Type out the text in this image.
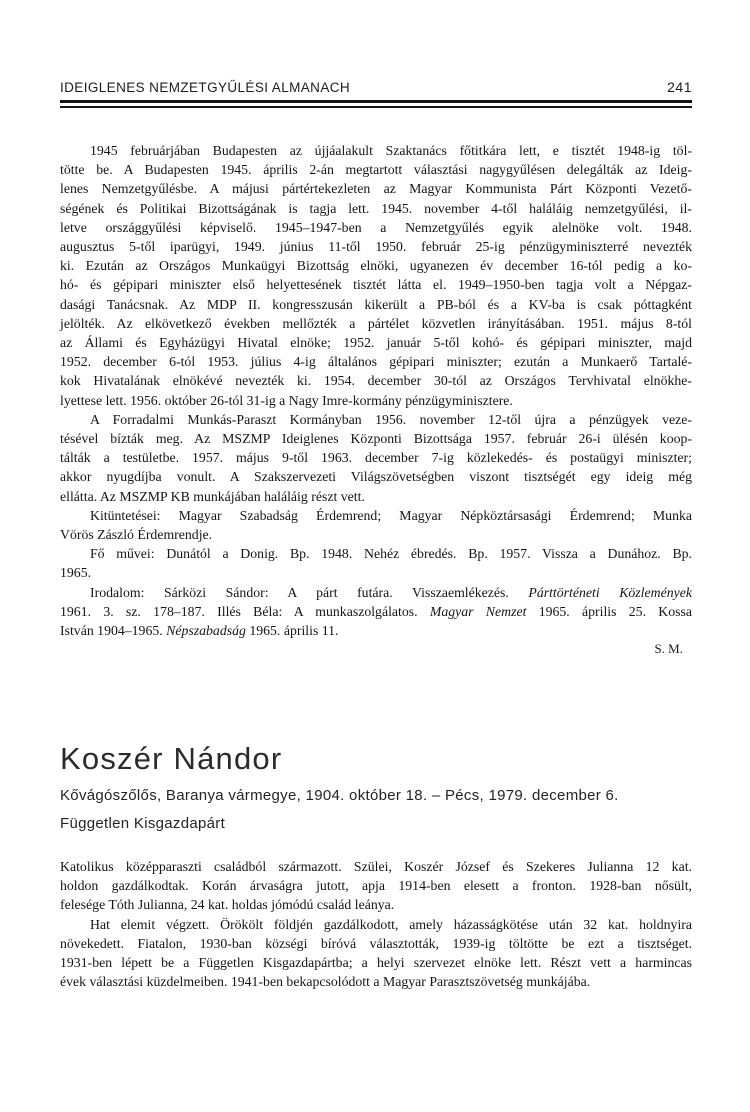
IDEIGLENES NEMZETGYŰLÉSI ALMANACH	241
1945 februárjában Budapesten az újjáalakult Szaktanács főtitkára lett, e tisztét 1948-ig töl-
tötte be. A Budapesten 1945. április 2-án megtartott választási nagygyűlésen delegálták az Ideig-
lenes Nemzetgyűlésbe. A májusi pártértekezleten az Magyar Kommunista Párt Központi Vezető-
ségének és Politikai Bizottságának is tagja lett. 1945. november 4-től haláláig nemzetgyűlési, il-
letve országgyűlési képviselő. 1945–1947-ben a Nemzetgyűlés egyik alelnöke volt. 1948.
augusztus 5-től iparügyi, 1949. június 11-től 1950. február 25-ig pénzügyminiszterré nevezték
ki. Ezután az Országos Munkaügyi Bizottság elnöki, ugyanezen év december 16-tól pedig a ko-
hó- és gépipari miniszter első helyettesének tisztét látta el. 1949–1950-ben tagja volt a Népgaz-
dasági Tanácsnak. Az MDP II. kongresszusán kikerült a PB-ból és a KV-ba is csak póttagként
jelölték. Az elkövetkező években mellőzték a pártélet közvetlen irányításában. 1951. május 8-tól
az Állami és Egyházügyi Hivatal elnöke; 1952. január 5-től kohó- és gépipari miniszter, majd
1952. december 6-tól 1953. július 4-ig általános gépipari miniszter; ezután a Munkaerő Tartalé-
kok Hivatalának elnökévé nevezték ki. 1954. december 30-tól az Országos Tervhivatal elnökhe-
lyettese lett. 1956. október 26-tól 31-ig a Nagy Imre-kormány pénzügyminisztere.
A Forradalmi Munkás-Paraszt Kormányban 1956. november 12-től újra a pénzügyek veze-
tésével bízták meg. Az MSZMP Ideiglenes Központi Bizottsága 1957. február 26-i ülésén koop-
tálták a testületbe. 1957. május 9-től 1963. december 7-ig közlekedés- és postaügyi miniszter;
akkor nyugdíjba vonult. A Szakszervezeti Világszövetségben viszont tisztségét egy ideig még
ellátta. Az MSZMP KB munkájában haláláig részt vett.
Kitüntetései: Magyar Szabadság Érdemrend; Magyar Népköztársasági Érdemrend; Munka
Vörös Zászló Érdemrendje.
Fő művei: Dunától a Donig. Bp. 1948. Nehéz ébredés. Bp. 1957. Vissza a Dunához. Bp.
1965.
Irodalom: Sárközi Sándor: A párt futára. Visszaemlékezés. Párttörténeti Közlemények
1961. 3. sz. 178–187. Illés Béla: A munkaszolgálatos. Magyar Nemzet 1965. április 25. Kossa
István 1904–1965. Népszabadság 1965. április 11.
S. M.
Koszér Nándor

Kővágószőlős, Baranya vármegye, 1904. október 18. – Pécs, 1979. december 6.

Független Kisgazdapárt

Katolikus középparaszti családból származott. Szülei, Koszér József és Szekeres Julianna 12 kat.
holdon gazdálkodtak. Korán árvaságra jutott, apja 1914-ben elesett a fronton. 1928-ban nősült,
felesége Tóth Julianna, 24 kat. holdas jómódú család leánya.
Hat elemit végzett. Örökölt földjén gazdálkodott, amely házasságkötése után 32 kat. holdnyira
növekedett. Fiatalon, 1930-ban községi bíróvá választották, 1939-ig töltötte be ezt a tisztséget.
1931-ben lépett be a Független Kisgazdapártba; a helyi szervezet elnöke lett. Részt vett a harmincas
évek választási küzdelmeiben. 1941-ben bekapcsolódott a Magyar Parasztszövetség munkájába.
